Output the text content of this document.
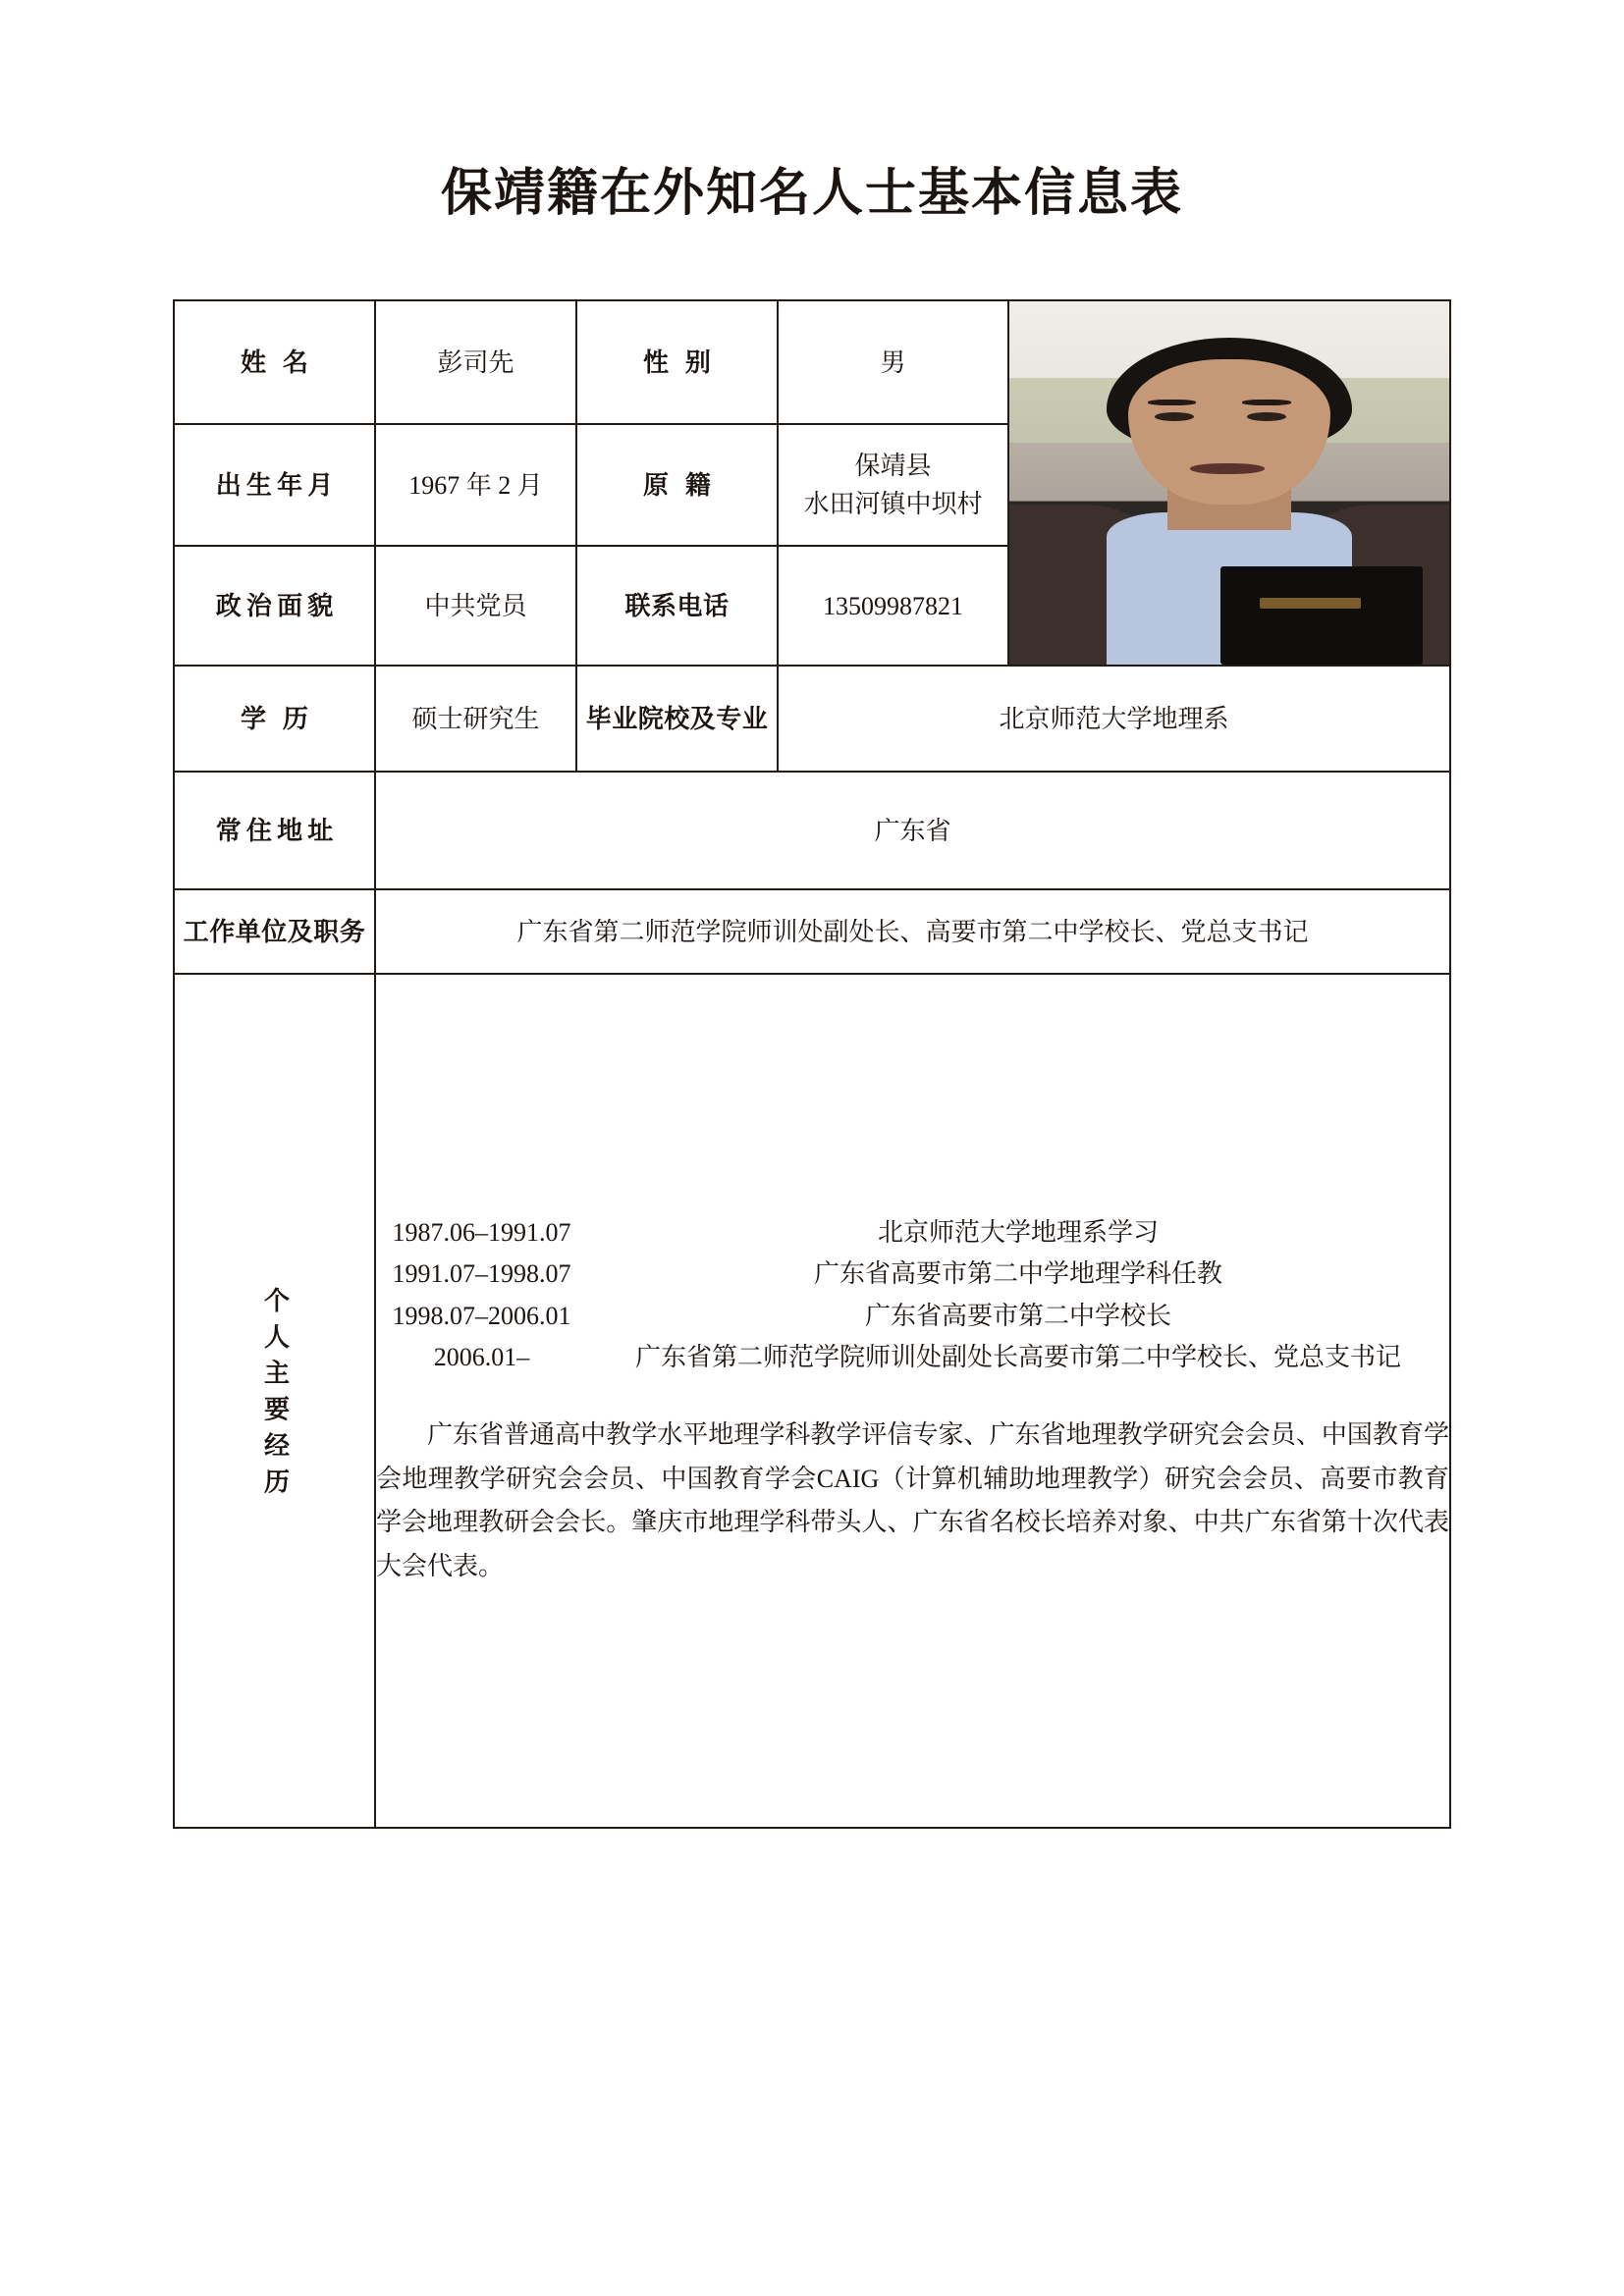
保靖籍在外知名人士基本信息表
姓 名	彭司先	性 别	男	

出生年月	1967 年 2 月	原 籍	保靖县
水田河镇中坝村	

政治面貌	中共党员	联系电话	13509987821	
学 历	硕士研究生	毕业院校及专业	北京师范大学地理系	
常住地址	广东省			
工作单位及职务	广东省第二师范学院师训处副处长、高要市第二中学校长、党总支书记			
个人主要经历	
1987.06–1991.07	北京师范大学地理系学习
1991.07–1998.07	广东省高要市第二中学地理学科任教
1998.07–2006.01	广东省高要市第二中学校长
2006.01–	广东省第二师范学院师训处副处长高要市第二中学校长、党总支书记

广东省普通高中教学水平地理学科教学评信专家、广东省地理教学研究会会员、中国教育学会地理教学研究会会员、中国教育学会CAIG（计算机辅助地理教学）研究会会员、高要市教育学会地理教研会会长。肇庆市地理学科带头人、广东省名校长培养对象、中共广东省第十次代表大会代表。
